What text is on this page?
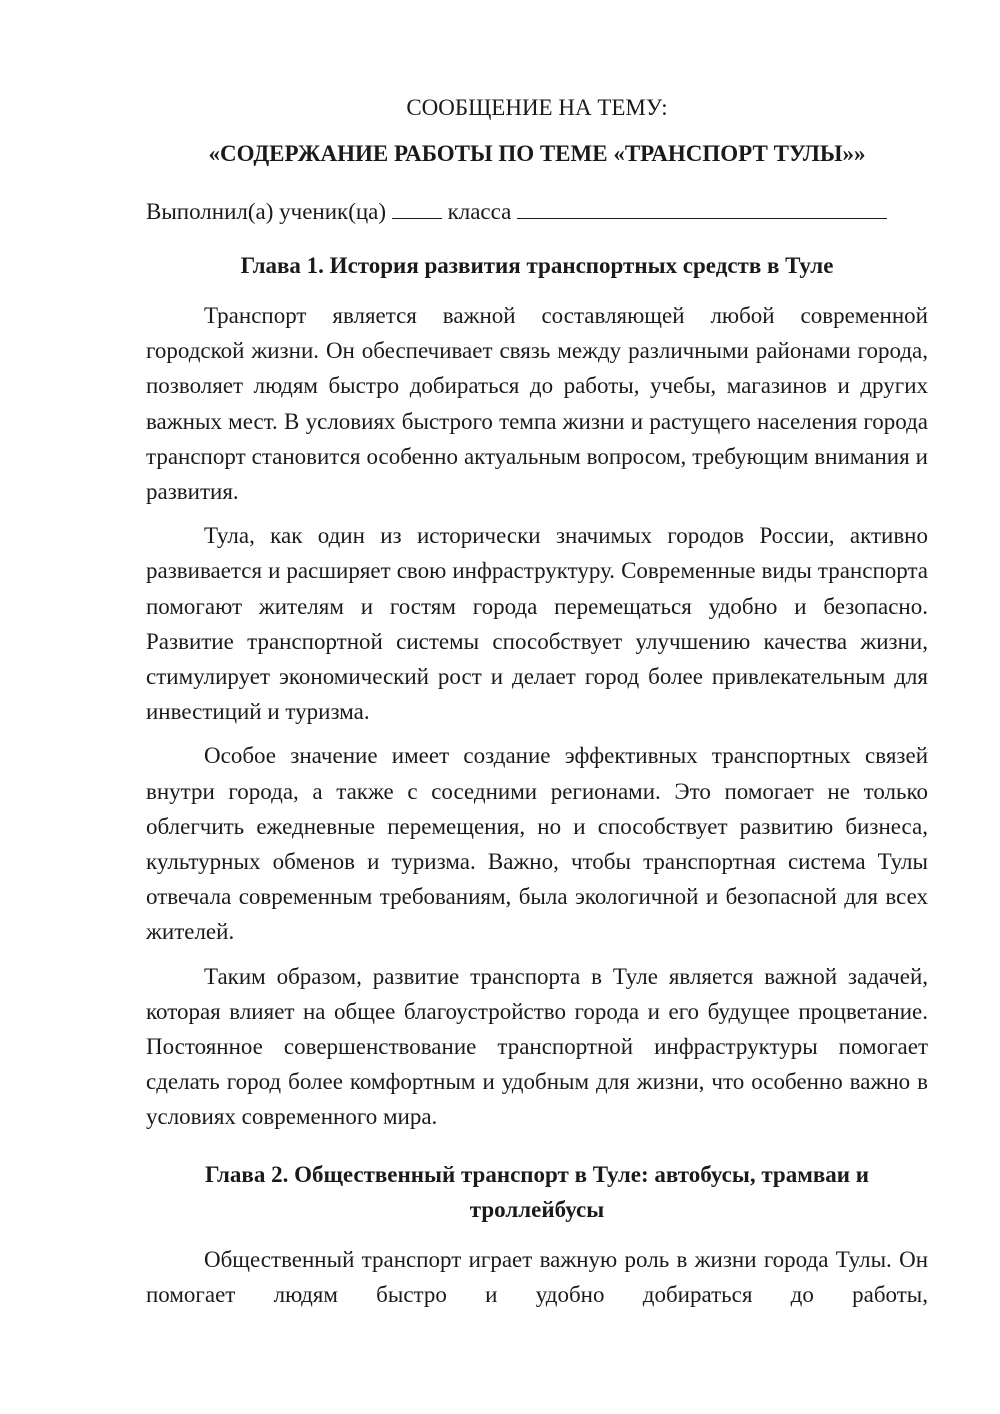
СООБЩЕНИЕ НА ТЕМУ:
«СОДЕРЖАНИЕ РАБОТЫ ПО ТЕМЕ «ТРАНСПОРТ ТУЛЫ»»

Выполнил(а) ученик(ца)	класса

Глава 1. История развития транспортных средств в Туле

Транспорт является важной составляющей любой современной городской жизни. Он обеспечивает связь между различными районами города, позволяет людям быстро добираться до работы, учебы, магазинов и других важных мест. В условиях быстрого темпа жизни и растущего населения города транспорт становится особенно актуальным вопросом, требующим внимания и развития.

Тула, как один из исторически значимых городов России, активно развивается и расширяет свою инфраструктуру. Современные виды транспорта помогают жителям и гостям города перемещаться удобно и безопасно. Развитие транспортной системы способствует улучшению качества жизни, стимулирует экономический рост и делает город более привлекательным для инвестиций и туризма.

Особое значение имеет создание эффективных транспортных связей внутри города, а также с соседними регионами. Это помогает не только облегчить ежедневные перемещения, но и способствует развитию бизнеса, культурных обменов и туризма. Важно, чтобы транспортная система Тулы отвечала современным требованиям, была экологичной и безопасной для всех жителей.

Таким образом, развитие транспорта в Туле является важной задачей, которая влияет на общее благоустройство города и его будущее процветание. Постоянное совершенствование транспортной инфраструктуры помогает сделать город более комфортным и удобным для жизни, что особенно важно в условиях современного мира.

Глава 2. Общественный транспорт в Туле: автобусы, трамваи и троллейбусы

Общественный транспорт играет важную роль в жизни города Тулы. Он помогает людям быстро и удобно добираться до работы,
